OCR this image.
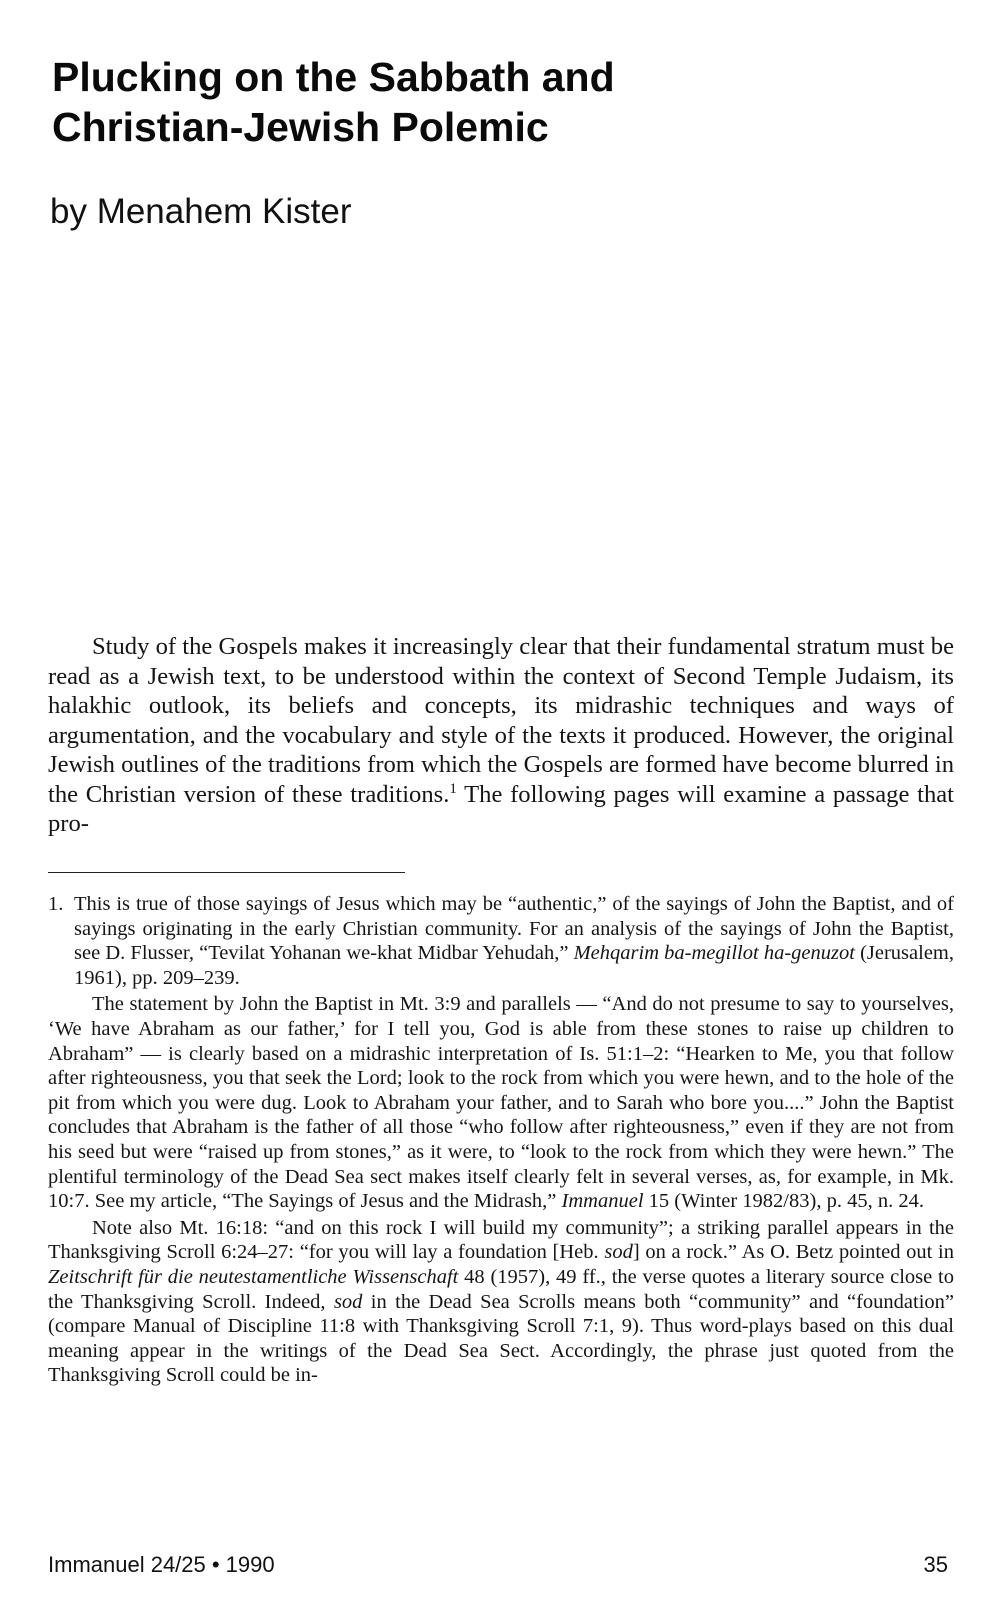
Plucking on the Sabbath and
Christian-Jewish Polemic

by Menahem Kister

Study of the Gospels makes it increasingly clear that their fundamental stratum must be read as a Jewish text, to be understood within the context of Second Temple Judaism, its halakhic outlook, its beliefs and concepts, its midrashic techniques and ways of argumentation, and the vocabulary and style of the texts it produced. However, the original Jewish outlines of the traditions from which the Gospels are formed have become blurred in the Christian version of these traditions.$^1$ The following pages will examine a passage that pro-

1. This is true of those sayings of Jesus which may be “authentic,” of the sayings of John the Baptist, and of sayings originating in the early Christian community. For an analysis of the sayings of John the Baptist, see D. Flusser, “Tevilat Yohanan we-khat Midbar Yehudah,” Mehqarim ba-megillot ha-genuzot (Jerusalem, 1961), pp. 209–239.

The statement by John the Baptist in Mt. 3:9 and parallels — “And do not presume to say to yourselves, ‘We have Abraham as our father,’ for I tell you, God is able from these stones to raise up children to Abraham” — is clearly based on a midrashic interpretation of Is. 51:1–2: “Hearken to Me, you that follow after righteousness, you that seek the Lord; look to the rock from which you were hewn, and to the hole of the pit from which you were dug. Look to Abraham your father, and to Sarah who bore you....” John the Baptist concludes that Abraham is the father of all those “who follow after righteousness,” even if they are not from his seed but were “raised up from stones,” as it were, to “look to the rock from which they were hewn.” The plentiful terminology of the Dead Sea sect makes itself clearly felt in several verses, as, for example, in Mk. 10:7. See my article, “The Sayings of Jesus and the Midrash,” Immanuel 15 (Winter 1982/83), p. 45, n. 24.

Note also Mt. 16:18: “and on this rock I will build my community”; a striking parallel appears in the Thanksgiving Scroll 6:24–27: “for you will lay a foundation [Heb. sod] on a rock.” As O. Betz pointed out in Zeitschrift für die neutestamentliche Wissenschaft 48 (1957), 49 ff., the verse quotes a literary source close to the Thanksgiving Scroll. Indeed, sod in the Dead Sea Scrolls means both “community” and “foundation” (compare Manual of Discipline 11:8 with Thanksgiving Scroll 7:1, 9). Thus word-plays based on this dual meaning appear in the writings of the Dead Sea Sect. Accordingly, the phrase just quoted from the Thanksgiving Scroll could be in-

Immanuel 24/25 • 1990	35
